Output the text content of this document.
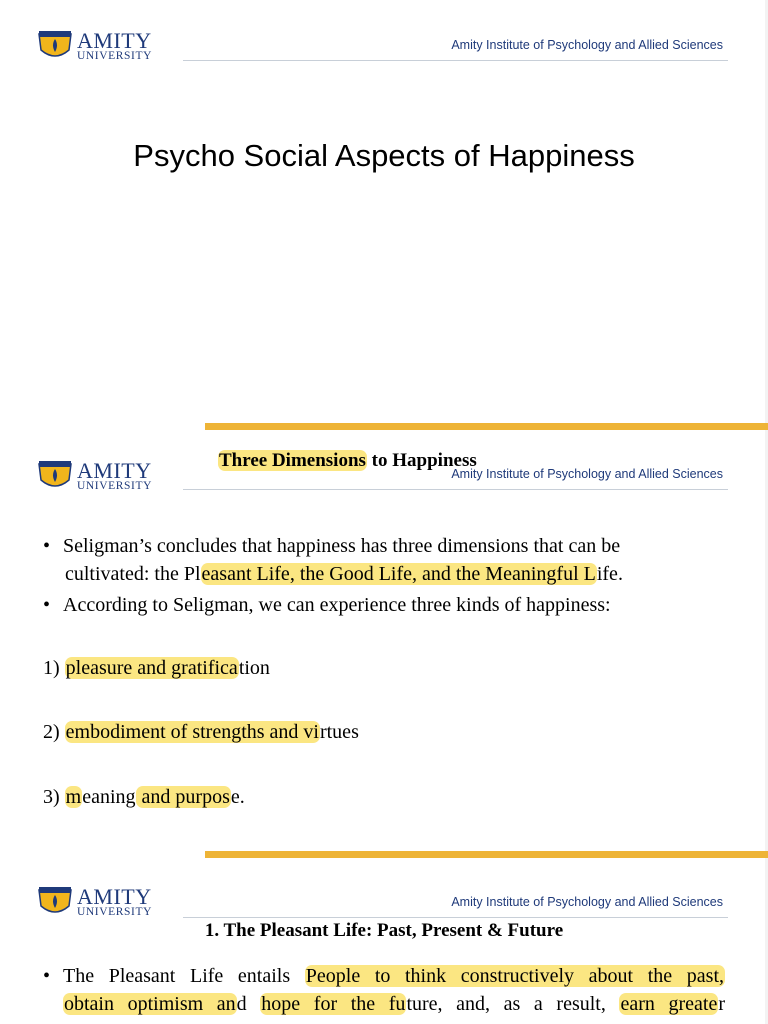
AMITY
UNIVERSITY
Amity Institute of Psychology and Allied Sciences
Psycho Social Aspects of Happiness
AMITY
UNIVERSITY
Three Dimensions to Happiness
Amity Institute of Psychology and Allied Sciences
• Seligman’s concludes that happiness has three dimensions that can be
cultivated: the Pleasant Life, the Good Life, and the Meaningful Life.
• According to Seligman, we can experience three kinds of happiness:
1) pleasure and gratification
2) embodiment of strengths and virtues
3) meaning and purpose.
AMITY
UNIVERSITY
Amity Institute of Psychology and Allied Sciences
1. The Pleasant Life: Past, Present & Future
• The Pleasant Life entails People to think constructively about the past,
obtain optimism and hope for the future, and, as a result, earn greater
